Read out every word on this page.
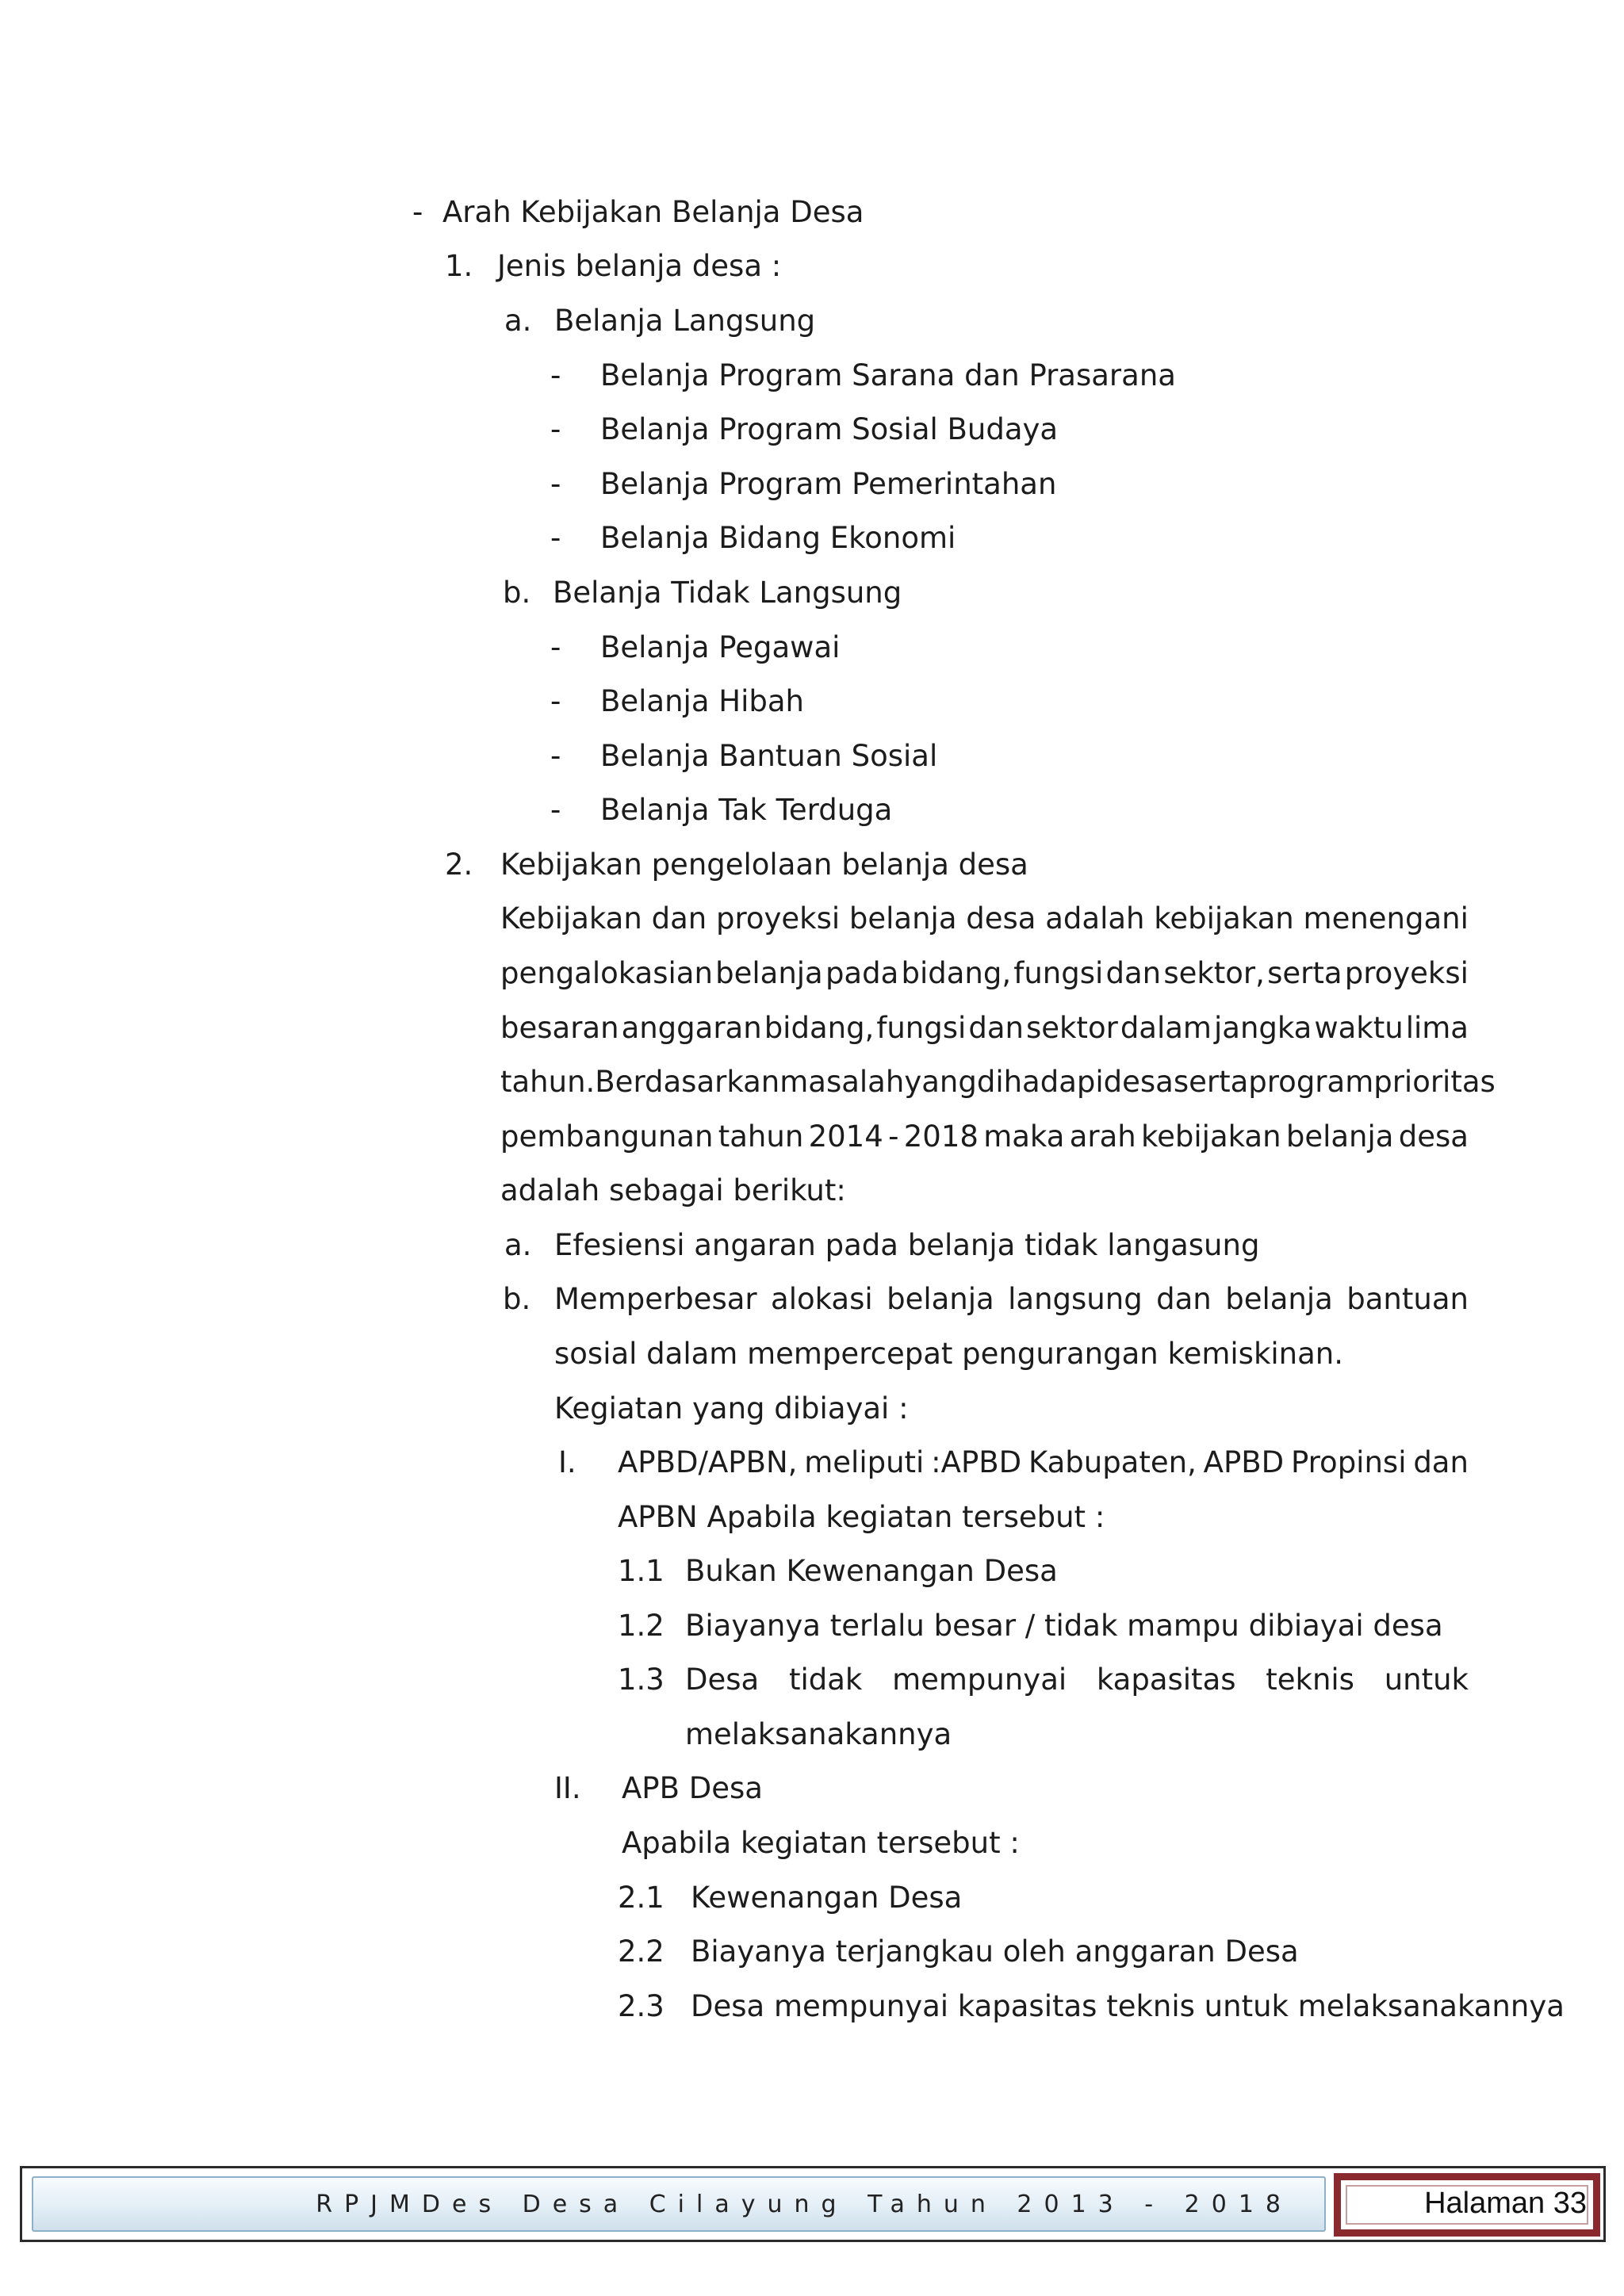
- Arah Kebijakan Belanja Desa

1. Jenis belanja desa :

a. Belanja Langsung

- Belanja Program Sarana dan Prasarana

- Belanja Program Sosial Budaya

- Belanja Program Pemerintahan

- Belanja Bidang Ekonomi

b. Belanja Tidak Langsung

- Belanja Pegawai

- Belanja Hibah

- Belanja Bantuan Sosial

- Belanja Tak Terduga

2. Kebijakan pengelolaan belanja desa

Kebijakan dan proyeksi belanja desa adalah kebijakan menengani
pengalokasian belanja pada bidang, fungsi dan sektor, serta proyeksi
besaran anggaran bidang, fungsi dan sektor dalam jangka waktu lima
tahun. Berdasarkan masalah yang dihadapi desa serta program prioritas
pembangunan tahun 2014 - 2018 maka arah kebijakan belanja desa

adalah sebagai berikut:

a. Efesiensi angaran pada belanja tidak langasung

b. Memperbesar alokasi belanja langsung dan belanja bantuan

sosial dalam mempercepat pengurangan kemiskinan.

Kegiatan yang dibiayai :

I. APBD/APBN, meliputi :APBD Kabupaten, APBD Propinsi dan

APBN Apabila kegiatan tersebut :

1.1 Bukan Kewenangan Desa

1.2 Biayanya terlalu besar / tidak mampu dibiayai desa

1.3 Desa tidak mempunyai kapasitas teknis untuk

melaksanakannya

II. APB Desa

Apabila kegiatan tersebut :

2.1 Kewenangan Desa

2.2 Biayanya terjangkau oleh anggaran Desa

2.3 Desa mempunyai kapasitas teknis untuk melaksanakannya

RPJMDes Desa Cilayung Tahun 2013 - 2018	Halaman 33
